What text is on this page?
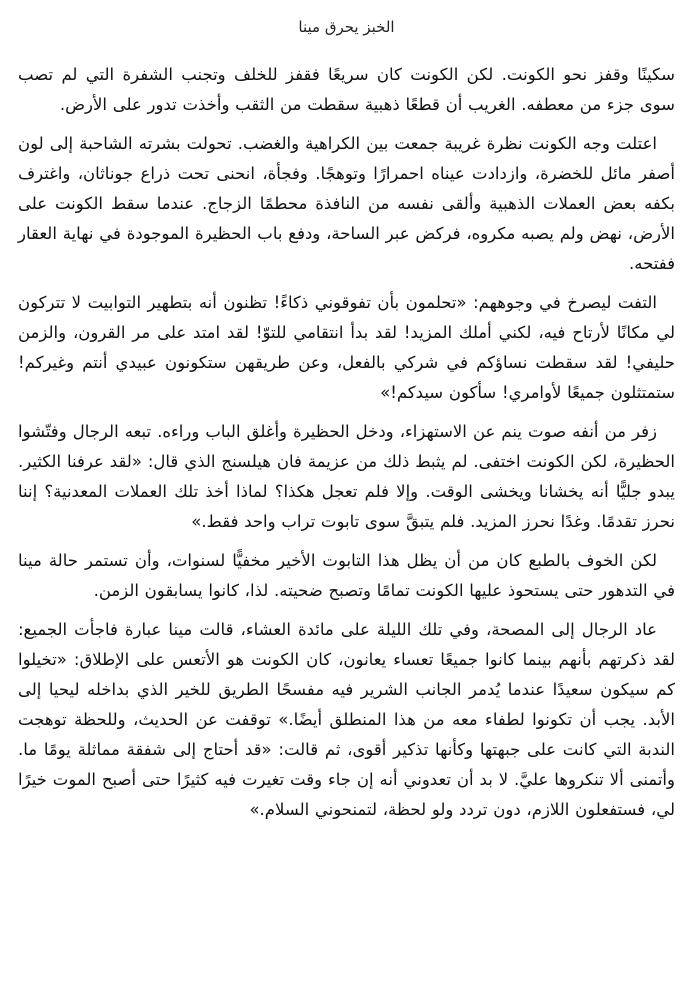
الخبز يحرق مينا

سكينًا وقفز نحو الكونت. لكن الكونت كان سريعًا فقفز للخلف وتجنب الشفرة التي لم تصب سوى جزء من معطفه. الغريب أن قطعًا ذهبية سقطت من الثقب وأخذت تدور على الأرض.

اعتلت وجه الكونت نظرة غريبة جمعت بين الكراهية والغضب. تحولت بشرته الشاحبة إلى لون أصفر مائل للخضرة، وازدادت عيناه احمرارًا وتوهجًا. وفجأة، انحنى تحت ذراع جوناثان، واغترف بكفه بعض العملات الذهبية وألقى نفسه من النافذة محطمًا الزجاج. عندما سقط الكونت على الأرض، نهض ولم يصبه مكروه، فركض عبر الساحة، ودفع باب الحظيرة الموجودة في نهاية العقار ففتحه.

التفت ليصرخ في وجوههم: «تحلمون بأن تفوقوني ذكاءً! تظنون أنه بتطهير التوابيت لا تتركون لي مكانًا لأرتاح فيه، لكني أملك المزيد! لقد بدأ انتقامي للتوّ! لقد امتد على مر القرون، والزمن حليفي! لقد سقطت نساؤكم في شركي بالفعل، وعن طريقهن ستكونون عبيدي أنتم وغيركم! ستمتثلون جميعًا لأوامري! سأكون سيدكم!»

زفر من أنفه صوت ينم عن الاستهزاء، ودخل الحظيرة وأغلق الباب وراءه. تبعه الرجال وفتّشوا الحظيرة، لكن الكونت اختفى. لم يثبط ذلك من عزيمة فان هيلسنج الذي قال: «لقد عرفنا الكثير. يبدو جليًّا أنه يخشانا ويخشى الوقت. وإلا فلم تعجل هكذا؟ لماذا أخذ تلك العملات المعدنية؟ إننا نحرز تقدمًا. وغدًا نحرز المزيد. فلم يتبقَّ سوى تابوت تراب واحد فقط.»

لكن الخوف بالطبع كان من أن يظل هذا التابوت الأخير مخفيًّا لسنوات، وأن تستمر حالة مينا في التدهور حتى يستحوذ عليها الكونت تمامًا وتصبح ضحيته. لذا، كانوا يسابقون الزمن.

عاد الرجال إلى المصحة، وفي تلك الليلة على مائدة العشاء، قالت مينا عبارة فاجأت الجميع: لقد ذكرتهم بأنهم بينما كانوا جميعًا تعساء يعانون، كان الكونت هو الأتعس على الإطلاق: «تخيلوا كم سيكون سعيدًا عندما يُدمر الجانب الشرير فيه مفسحًا الطريق للخير الذي بداخله ليحيا إلى الأبد. يجب أن تكونوا لطفاء معه من هذا المنطلق أيضًا.» توقفت عن الحديث، وللحظة توهجت الندبة التي كانت على جبهتها وكأنها تذكير أقوى، ثم قالت: «قد أحتاج إلى شفقة مماثلة يومًا ما. وأتمنى ألا تنكروها عليَّ. لا بد أن تعدوني أنه إن جاء وقت تغيرت فيه كثيرًا حتى أصبح الموت خيرًا لي، فستفعلون اللازم، دون تردد ولو لحظة، لتمنحوني السلام.»
